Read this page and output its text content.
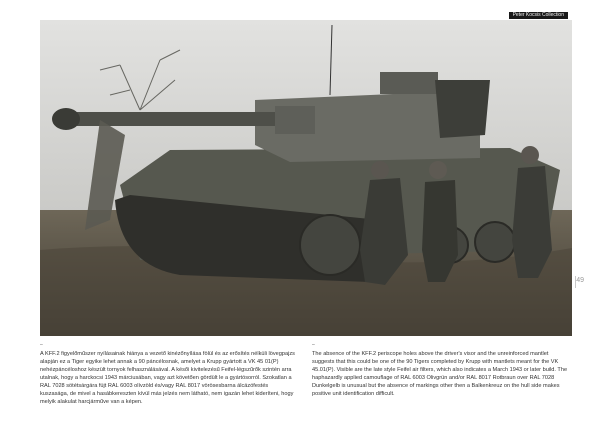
Peter Kocsis Collection
49
–	–

A KFF.2 figyelőműszer nyílásainak hiánya a vezető kinézőnyílása fölül és az erősítés nélküli lövegpajzs alapján ez a Tiger egyike lehet annak a 90 páncélosnak, amelyet a Krupp gyártott a VK 45 01(P) nehézpáncéloshoz készült tornyok felhasználásával. A késői kivitelezésű Feifel-légszűrők szintén arra utalnak, hogy a harckocsi 1943 márciusában, vagy azt követően gördült le a gyártósorról. Szokatlan a RAL 7028 sötétsárgára fújt RAL 6003 olívzöld és/vagy RAL 8017 vörösesbarna álcázófestés kuszasága, de mivel a hasábkereszten kívül más jelzés nem látható, nem igazán lehet kideríteni, hogy melyik alakulat harcjárműve van a képen.

The absence of the KFF.2 periscope holes above the driver's visor and the unreinforced mantlet suggests that this could be one of the 90 Tigers completed by Krupp with mantlets meant for the VK 45.01(P). Visible are the late style Feifel air filters, which also indicates a March 1943 or later build. The haphazardly applied camouflage of RAL 6003 Olivgrün and/or RAL 8017 Rotbraun over RAL 7028 Dunkelgelb is unusual but the absence of markings other then a Balkenkreuz on the hull side makes positive unit identification difficult.
